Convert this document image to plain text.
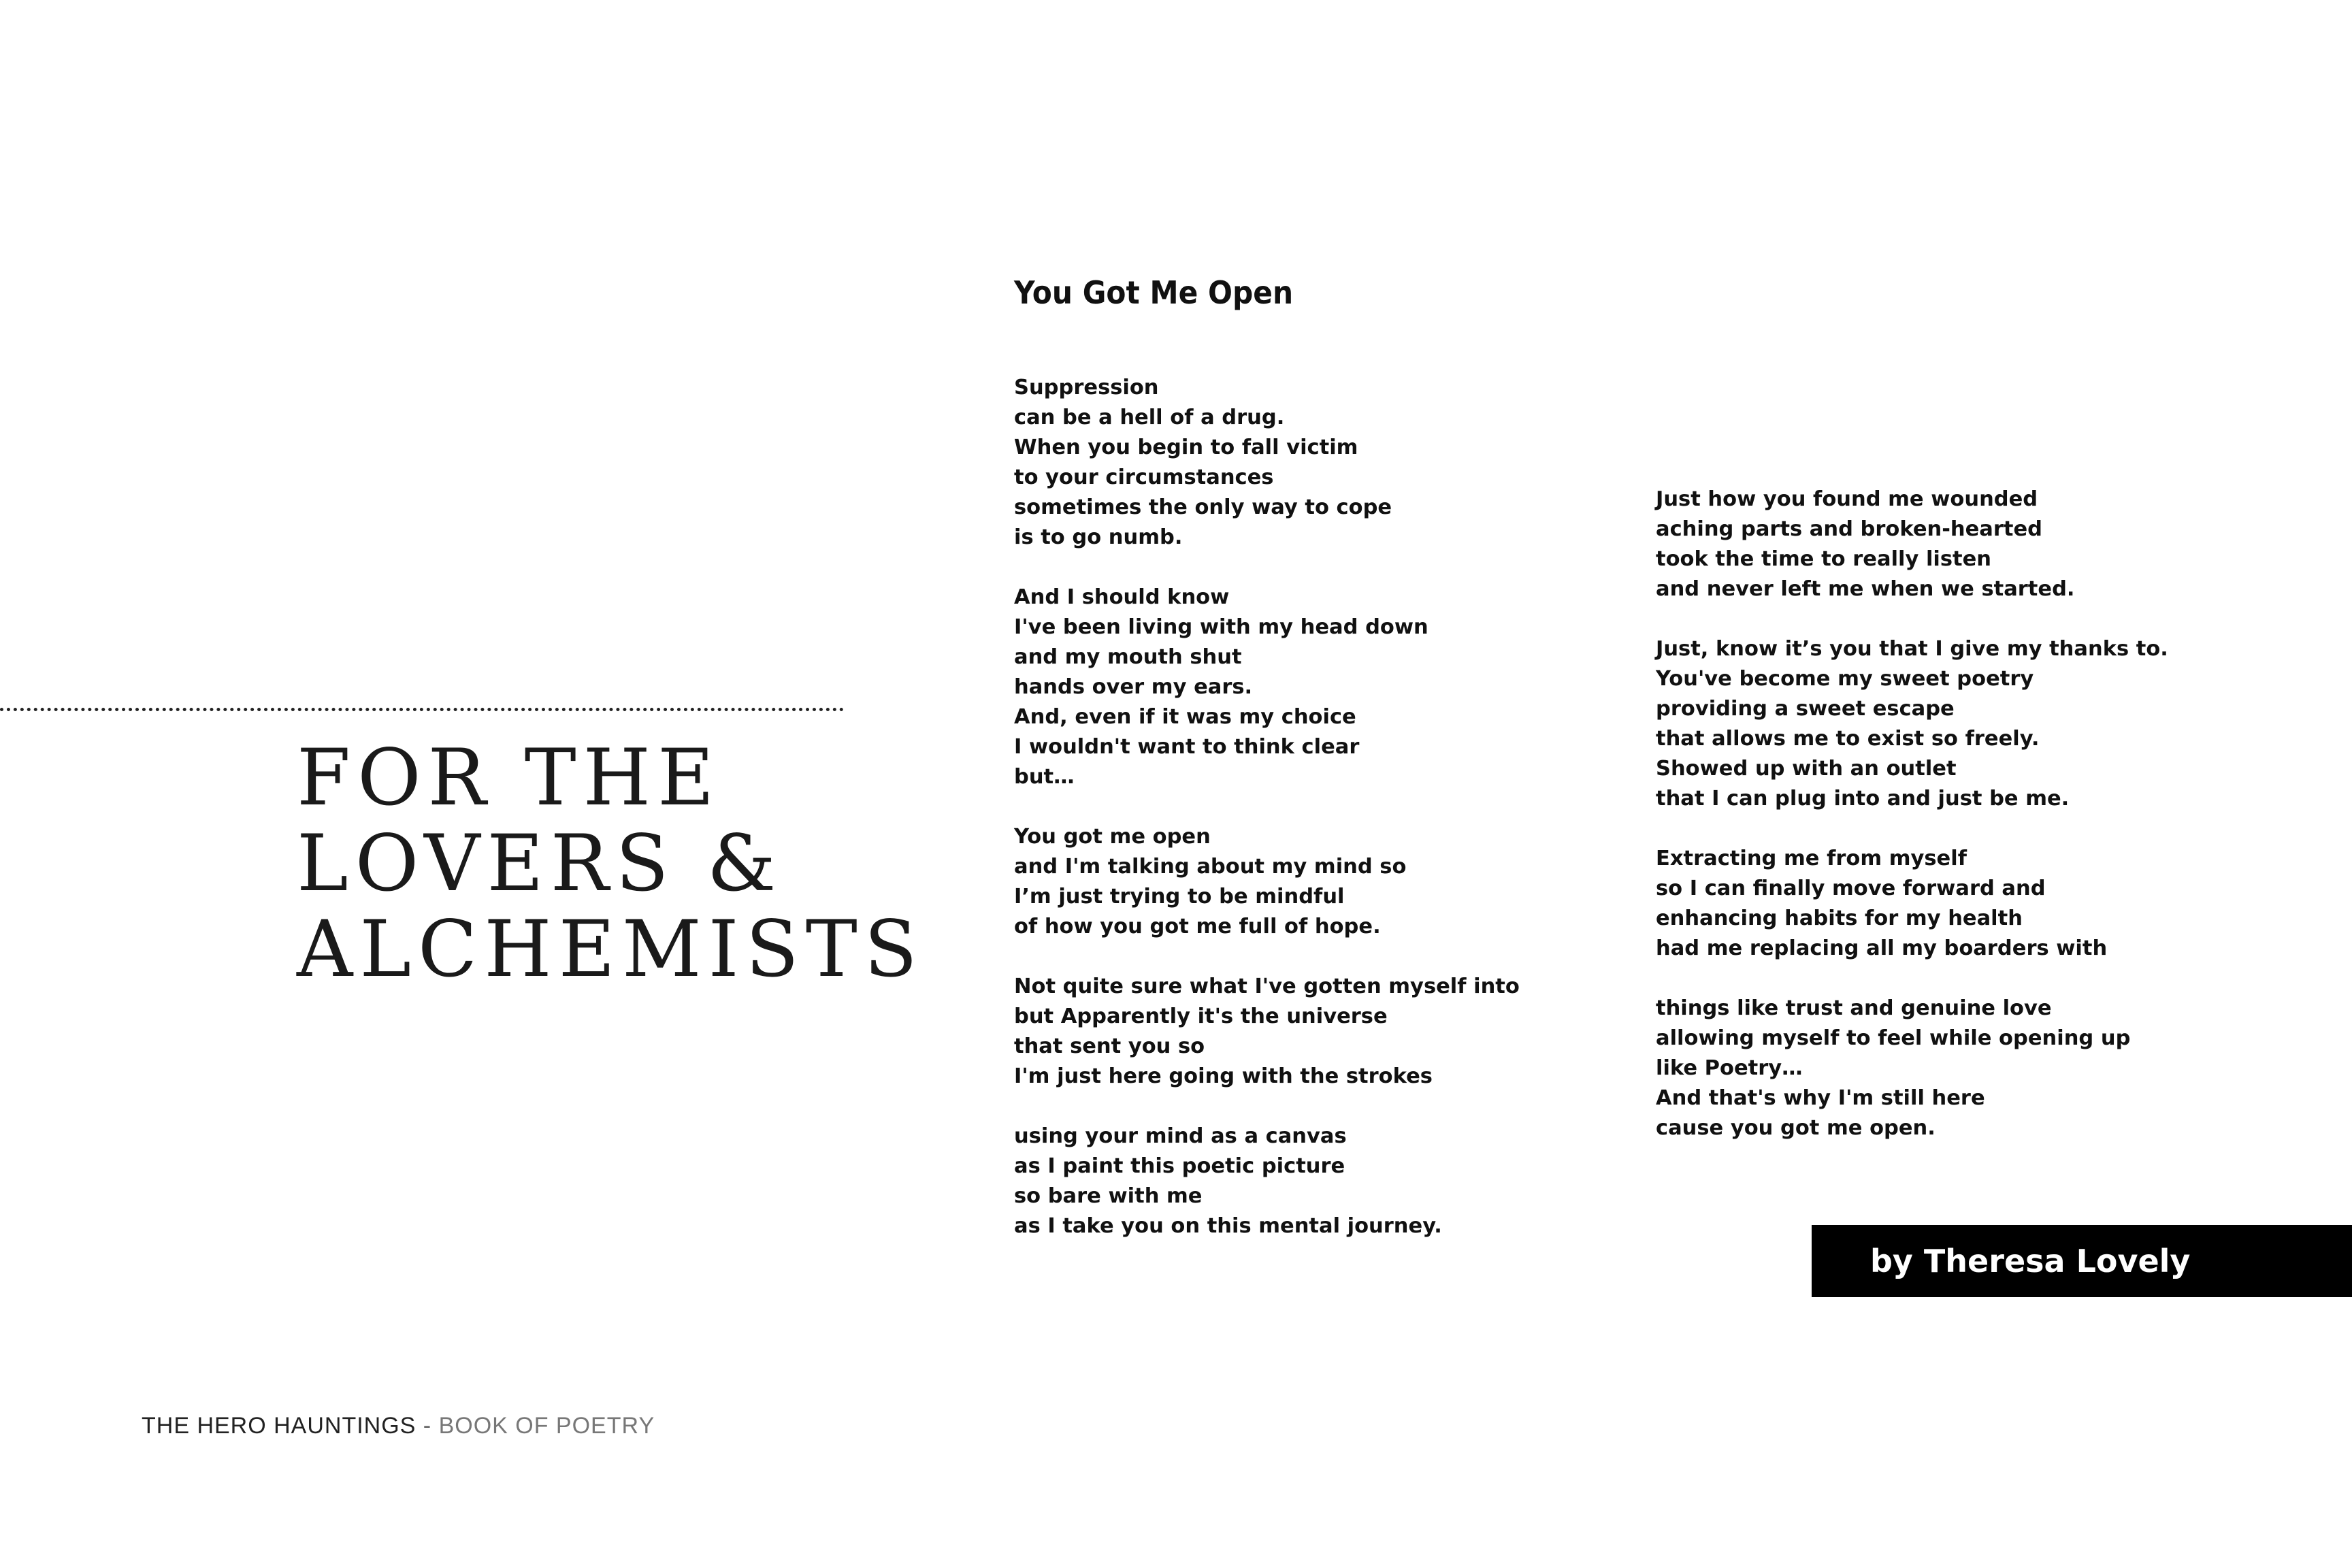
FOR THE
LOVERS &
ALCHEMISTS
THE HERO HAUNTINGS - BOOK OF POETRY
You Got Me Open
Suppression
can be a hell of a drug.
When you begin to fall victim
to your circumstances
sometimes the only way to cope
is to go numb.
And I should know
I've been living with my head down
and my mouth shut
hands over my ears.
And, even if it was my choice
I wouldn't want to think clear
but…
You got me open
and I'm talking about my mind so
I’m just trying to be mindful
of how you got me full of hope.
Not quite sure what I've gotten myself into
but Apparently it's the universe
that sent you so
I'm just here going with the strokes
using your mind as a canvas
as I paint this poetic picture
so bare with me
as I take you on this mental journey.
Just how you found me wounded
aching parts and broken-hearted
took the time to really listen
and never left me when we started.
Just, know it’s you that I give my thanks to.
You've become my sweet poetry
providing a sweet escape
that allows me to exist so freely.
Showed up with an outlet
that I can plug into and just be me.
Extracting me from myself
so I can finally move forward and
enhancing habits for my health
had me replacing all my boarders with
things like trust and genuine love
allowing myself to feel while opening up
like Poetry…
And that's why I'm still here
cause you got me open.
by Theresa Lovely
